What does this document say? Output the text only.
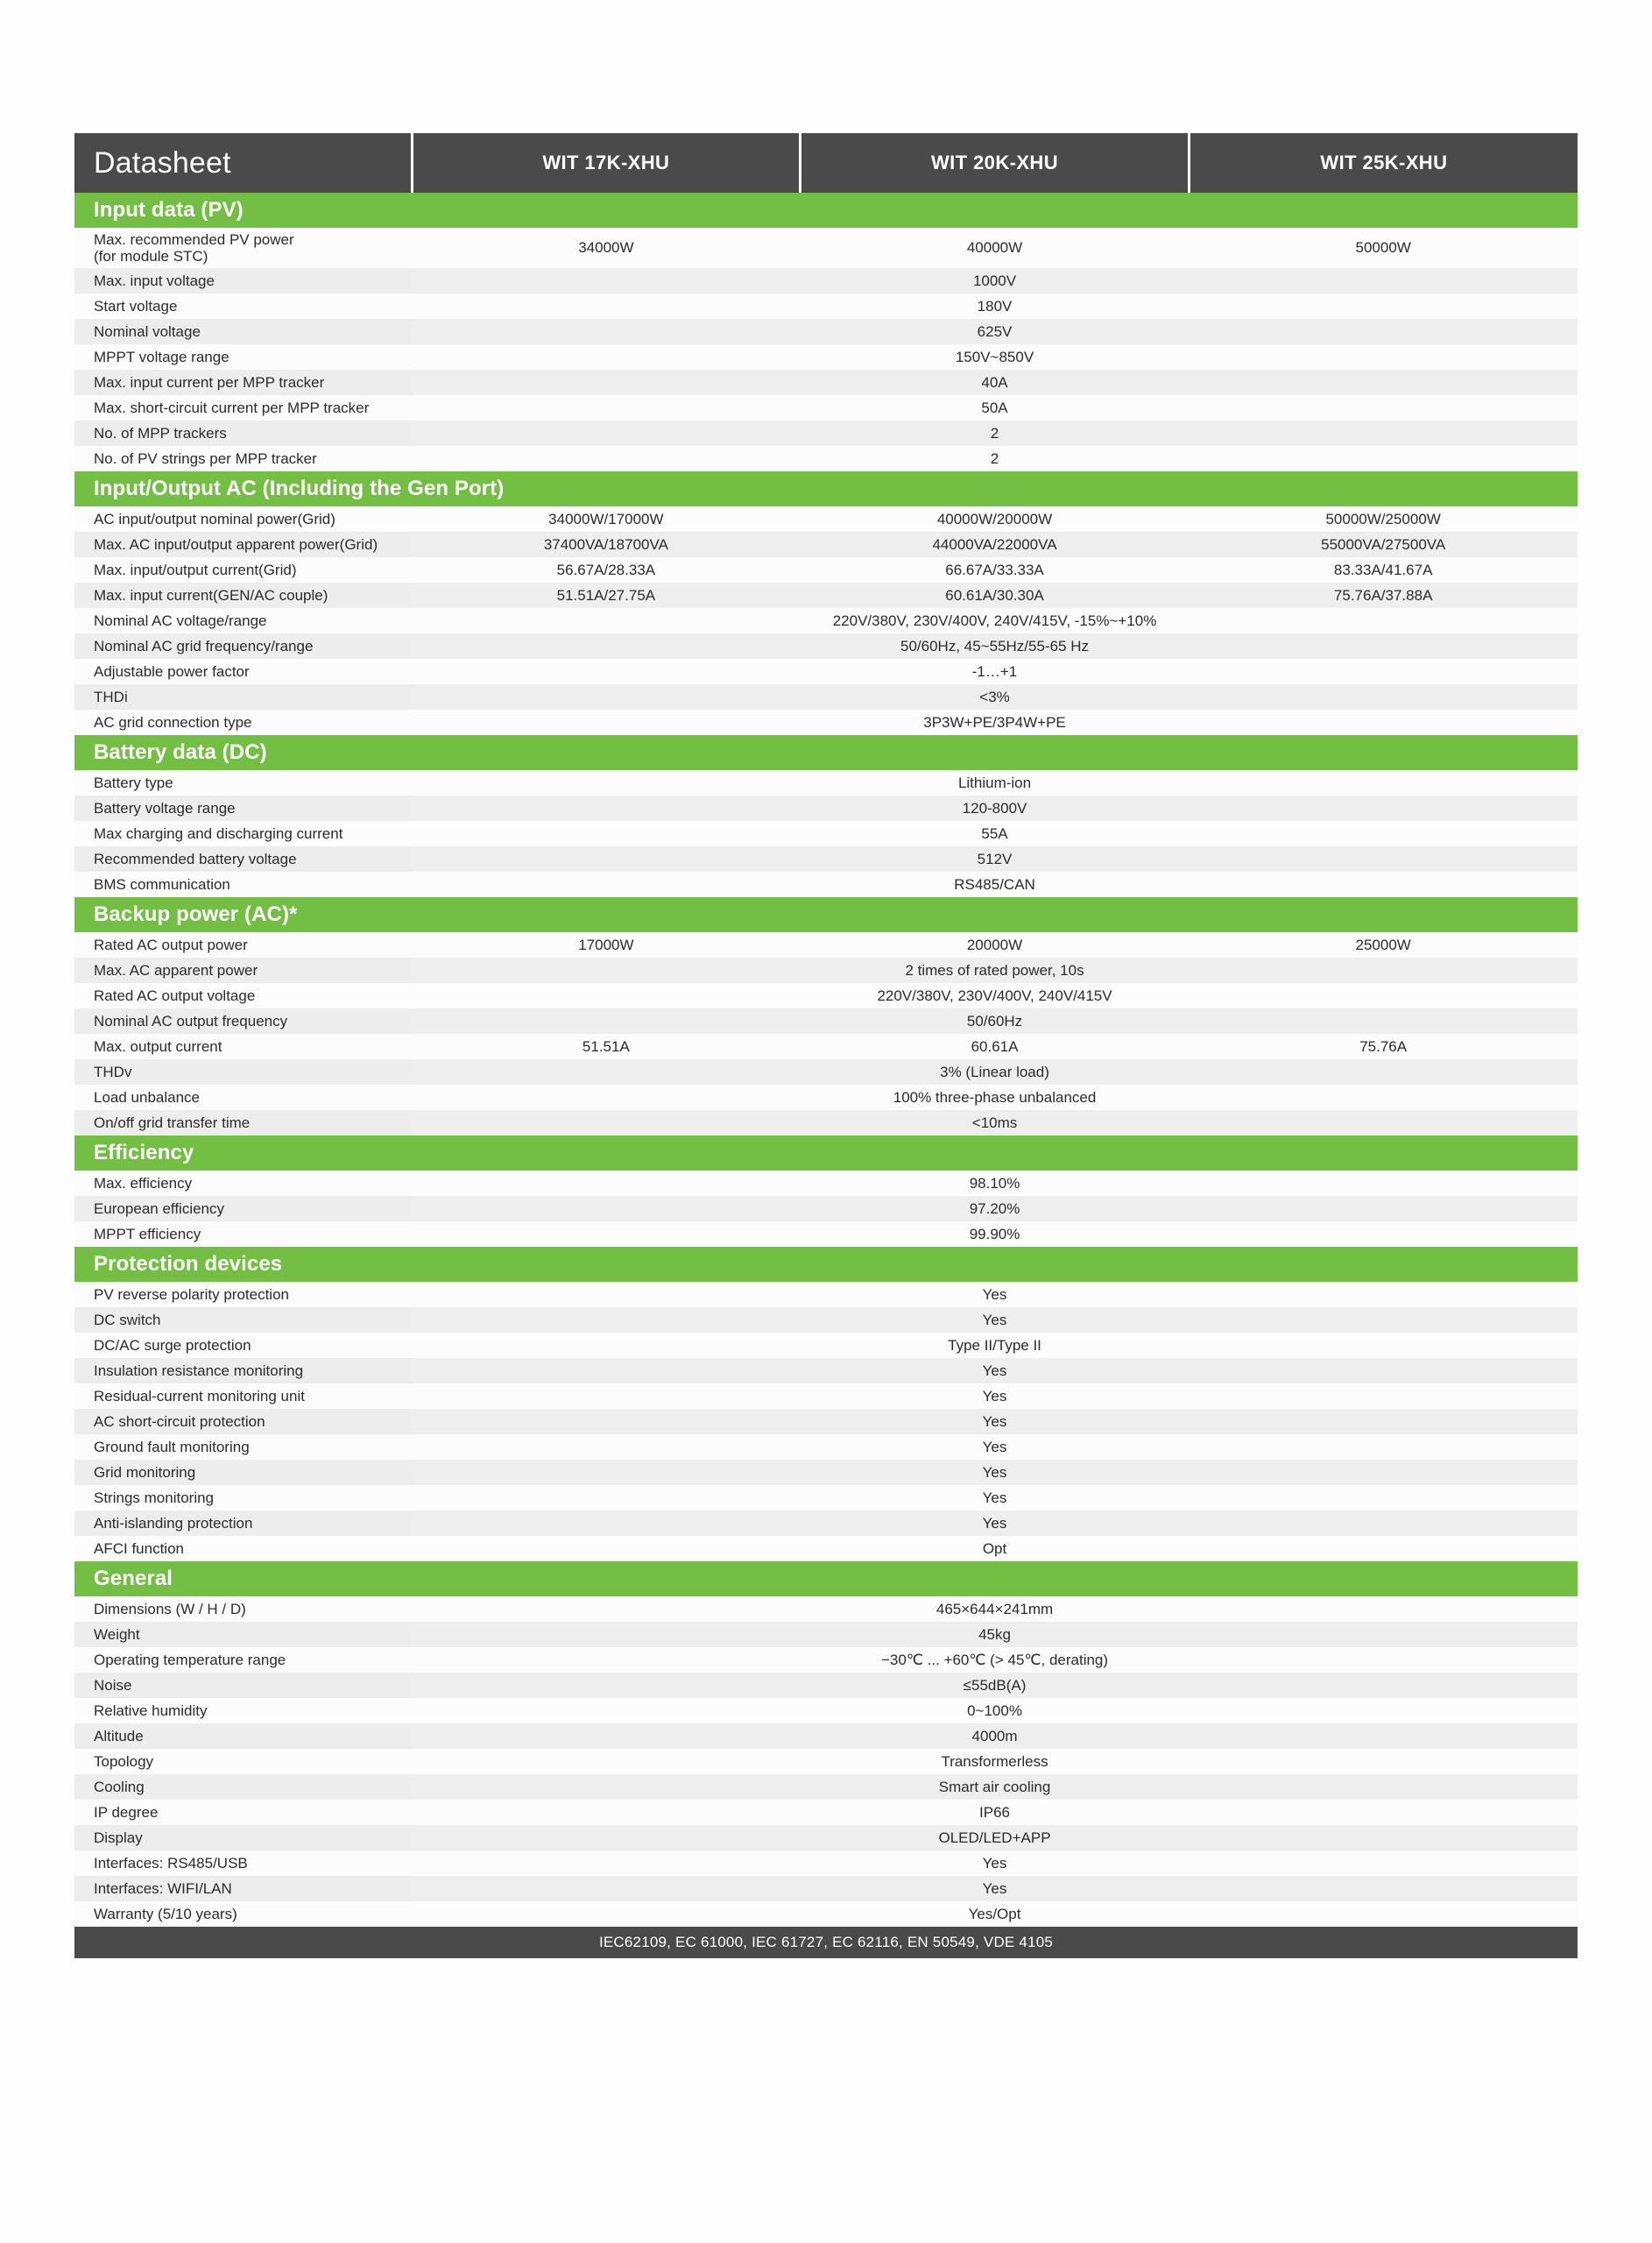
Datasheet	WIT 17K-XHU	WIT 20K-XHU	WIT 25K-XHU
Input data (PV)			

Max. recommended PV power
(for module STC)	34000W	40000W	50000W
Max. input voltage	1000V		
Start voltage	180V		
Nominal voltage	625V		
MPPT voltage range	150V~850V		
Max. input current per MPP tracker	40A		
Max. short-circuit current per MPP tracker	50A		
No. of MPP trackers	2		
No. of PV strings per MPP tracker	2		
Input/Output AC (Including the Gen Port)			
AC input/output nominal power(Grid)	34000W/17000W	40000W/20000W	50000W/25000W
Max. AC input/output apparent power(Grid)	37400VA/18700VA	44000VA/22000VA	55000VA/27500VA
Max. input/output current(Grid)	56.67A/28.33A	66.67A/33.33A	83.33A/41.67A
Max. input current(GEN/AC couple)	51.51A/27.75A	60.61A/30.30A	75.76A/37.88A
Nominal AC voltage/range	220V/380V, 230V/400V, 240V/415V, -15%~+10%		
Nominal AC grid frequency/range	50/60Hz, 45~55Hz/55-65 Hz		
Adjustable power factor	-1…+1		
THDi	<3%		
AC grid connection type	3P3W+PE/3P4W+PE		
Battery data (DC)			
Battery type	Lithium-ion		
Battery voltage range	120-800V		
Max charging and discharging current	55A		
Recommended battery voltage	512V		
BMS communication	RS485/CAN		
Backup power (AC)*			
Rated AC output power	17000W	20000W	25000W
Max. AC apparent power	2 times of rated power, 10s		
Rated AC output voltage	220V/380V, 230V/400V, 240V/415V		
Nominal AC output frequency	50/60Hz		
Max. output current	51.51A	60.61A	75.76A
THDv	3% (Linear load)		
Load unbalance	100% three-phase unbalanced		
On/off grid transfer time	<10ms		
Efficiency			
Max. efficiency	98.10%		
European efficiency	97.20%		
MPPT efficiency	99.90%		
Protection devices			
PV reverse polarity protection	Yes		
DC switch	Yes		
DC/AC surge protection	Type II/Type II		
Insulation resistance monitoring	Yes		
Residual-current monitoring unit	Yes		
AC short-circuit protection	Yes		
Ground fault monitoring	Yes		
Grid monitoring	Yes		
Strings monitoring	Yes		
Anti-islanding protection	Yes		
AFCI function	Opt		
General			
Dimensions (W / H / D)	465×644×241mm		
Weight	45kg		
Operating temperature range	−30℃ ... +60℃ (> 45℃, derating)		
Noise	≤55dB(A)		
Relative humidity	0~100%		
Altitude	4000m		
Topology	Transformerless		
Cooling	Smart air cooling		
IP degree	IP66		
Display	OLED/LED+APP		
Interfaces: RS485/USB	Yes		
Interfaces: WIFI/LAN	Yes		
Warranty (5/10 years)	Yes/Opt		
IEC62109, EC 61000, IEC 61727, EC 62116, EN 50549, VDE 4105			
